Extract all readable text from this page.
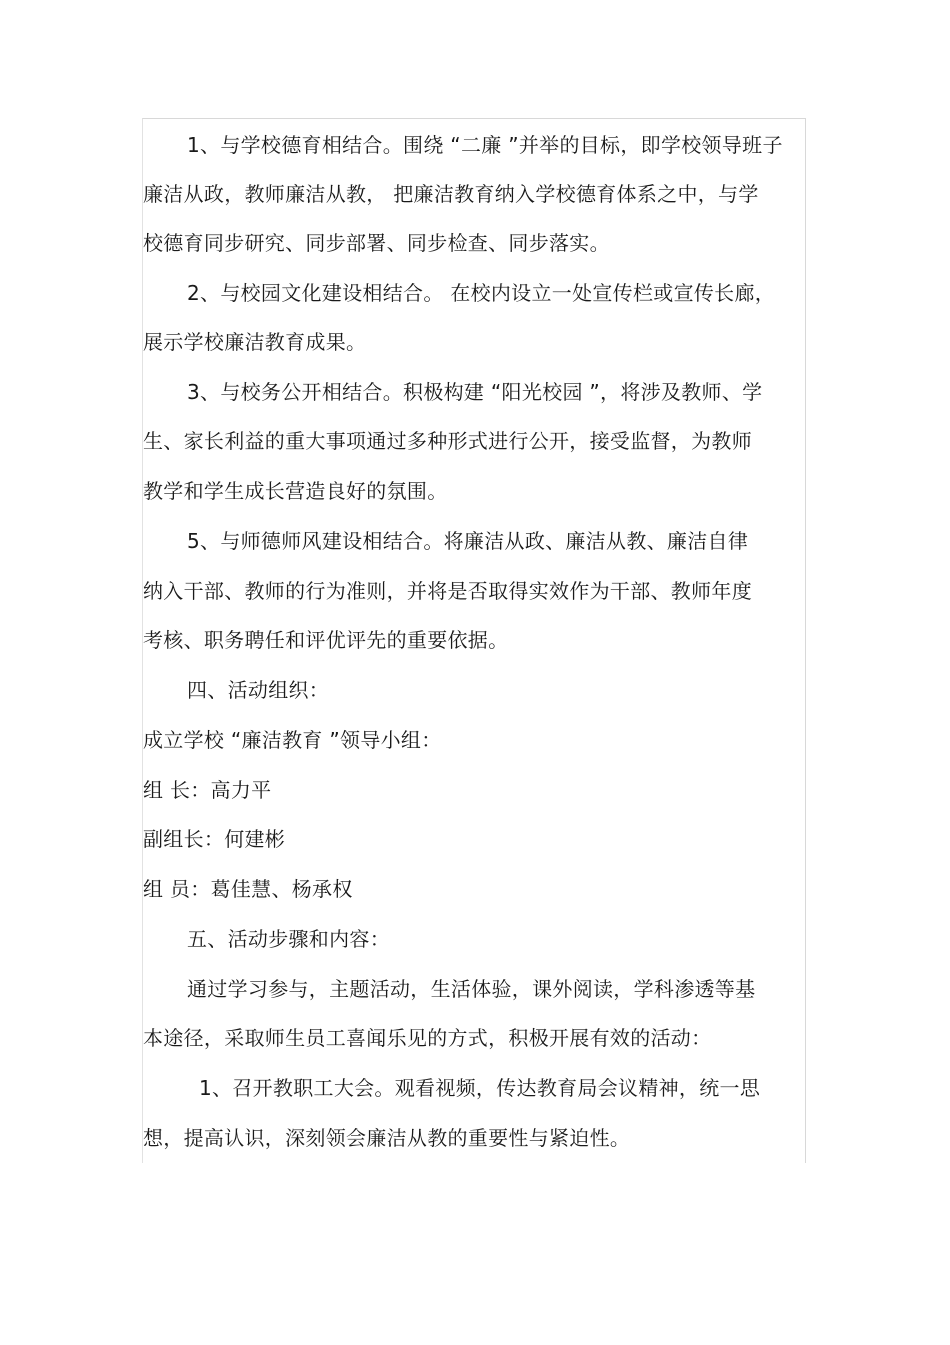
1、与学校德育相结合。围绕 “二廉 ”并举的目标，即学校领导班子
廉洁从政，教师廉洁从教， 把廉洁教育纳入学校德育体系之中，与学
校德育同步研究、同步部署、同步检查、同步落实。
2、与校园文化建设相结合。 在校内设立一处宣传栏或宣传长廊，
展示学校廉洁教育成果。
3、与校务公开相结合。积极构建 “阳光校园 ”，将涉及教师、学
生、家长利益的重大事项通过多种形式进行公开，接受监督，为教师
教学和学生成长营造良好的氛围。
5、与师德师风建设相结合。将廉洁从政、廉洁从教、廉洁自律
纳入干部、教师的行为准则，并将是否取得实效作为干部、教师年度
考核、职务聘任和评优评先的重要依据。
四、活动组织：
成立学校 “廉洁教育 ”领导小组：
组 长：高力平
副组长：何建彬
组 员：葛佳慧、杨承权
五、活动步骤和内容：
通过学习参与，主题活动，生活体验，课外阅读，学科渗透等基
本途径，采取师生员工喜闻乐见的方式，积极开展有效的活动：
1、召开教职工大会。观看视频，传达教育局会议精神，统一思
想，提高认识，深刻领会廉洁从教的重要性与紧迫性。
